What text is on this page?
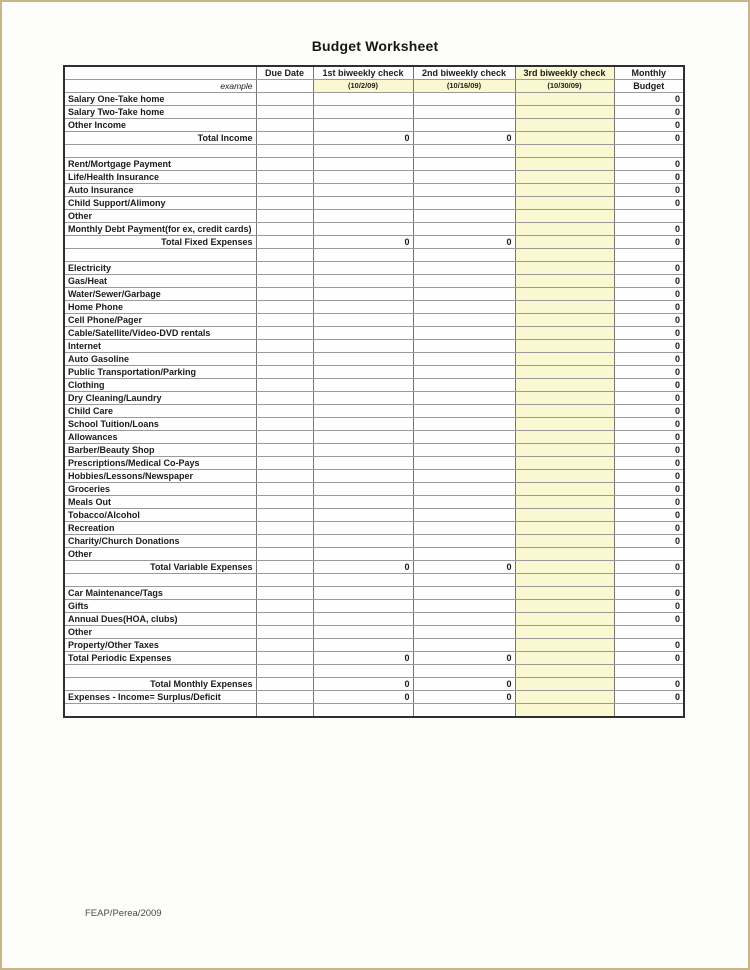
Budget Worksheet
	Due Date	1st biweekly check	2nd biweekly check	3rd biweekly check	Monthly
example		(10/2/09)	(10/16/09)	(10/30/09)	Budget
Salary One-Take home					0
Salary Two-Take home					0
Other Income					0
Total Income		0	0		0

Rent/Mortgage Payment					0
Life/Health Insurance					0
Auto Insurance					0
Child Support/Alimony					0
Other					
Monthly Debt Payment(for ex, credit cards)					0
Total Fixed Expenses		0	0		0

Electricity					0
Gas/Heat					0
Water/Sewer/Garbage					0
Home Phone					0
Cell Phone/Pager					0
Cable/Satellite/Video-DVD rentals					0
Internet					0
Auto Gasoline					0
Public Transportation/Parking					0
Clothing					0
Dry Cleaning/Laundry					0
Child Care					0
School Tuition/Loans					0
Allowances					0
Barber/Beauty Shop					0
Prescriptions/Medical Co-Pays					0
Hobbies/Lessons/Newspaper					0
Groceries					0
Meals Out					0
Tobacco/Alcohol					0
Recreation					0
Charity/Church Donations					0
Other					
Total Variable Expenses		0	0		0

Car Maintenance/Tags					0
Gifts					0
Annual Dues(HOA, clubs)					0
Other					
Property/Other Taxes					0
Total Periodic Expenses		0	0		0

Total Monthly Expenses		0	0		0
Expenses - Income= Surplus/Deficit		0	0		0

FEAP/Perea/2009
